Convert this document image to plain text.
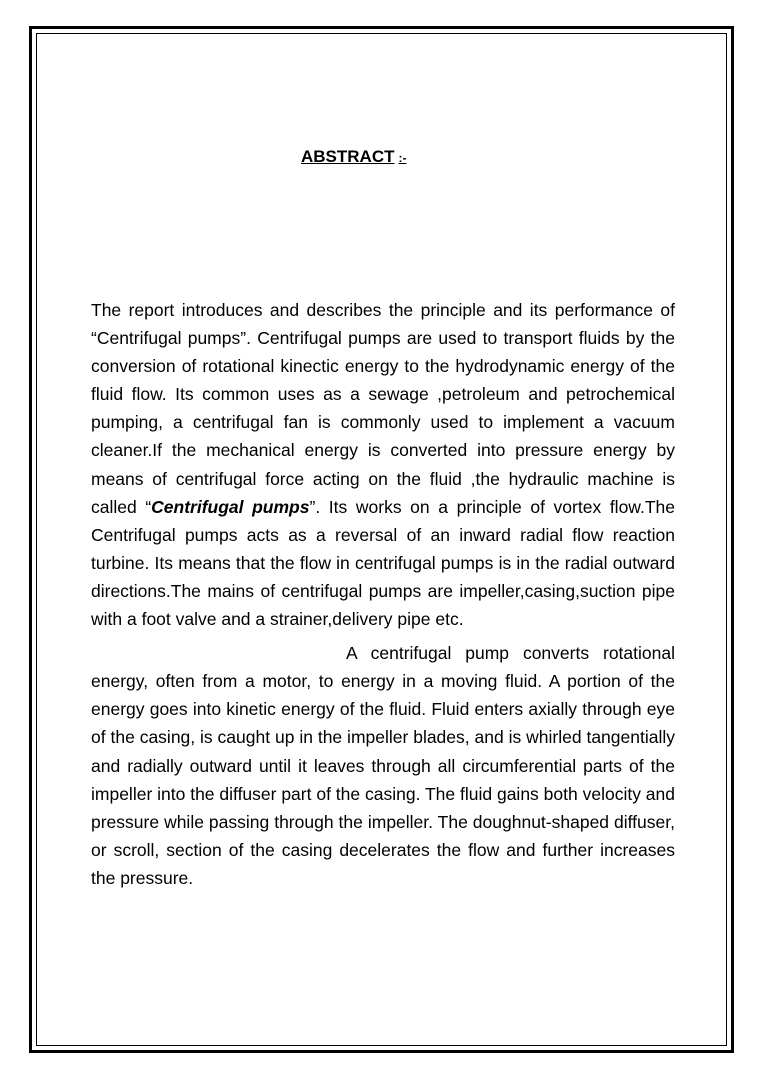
ABSTRACT :-

The report introduces and describes the principle and its performance of “Centrifugal pumps”. Centrifugal pumps are used to transport fluids by the conversion of rotational kinectic energy to the hydrodynamic energy of the fluid flow. Its common uses as a sewage ,petroleum and petrochemical pumping, a centrifugal fan is commonly used to implement a vacuum cleaner.If the mechanical energy is converted into pressure energy by means of centrifugal force acting on the fluid ,the hydraulic machine is called “Centrifugal pumps”. Its works on a principle of vortex flow.The Centrifugal pumps acts as a reversal of an inward radial flow reaction turbine. Its means that the flow in centrifugal pumps is in the radial outward directions.The mains of centrifugal pumps are impeller,casing,suction pipe with a foot valve and a strainer,delivery pipe etc.

A centrifugal pump converts rotational energy, often from a motor, to energy in a moving fluid. A portion of the energy goes into kinetic energy of the fluid. Fluid enters axially through eye of the casing, is caught up in the impeller blades, and is whirled tangentially and radially outward until it leaves through all circumferential parts of the impeller into the diffuser part of the casing. The fluid gains both velocity and pressure while passing through the impeller. The doughnut-shaped diffuser, or scroll, section of the casing decelerates the flow and further increases the pressure.
